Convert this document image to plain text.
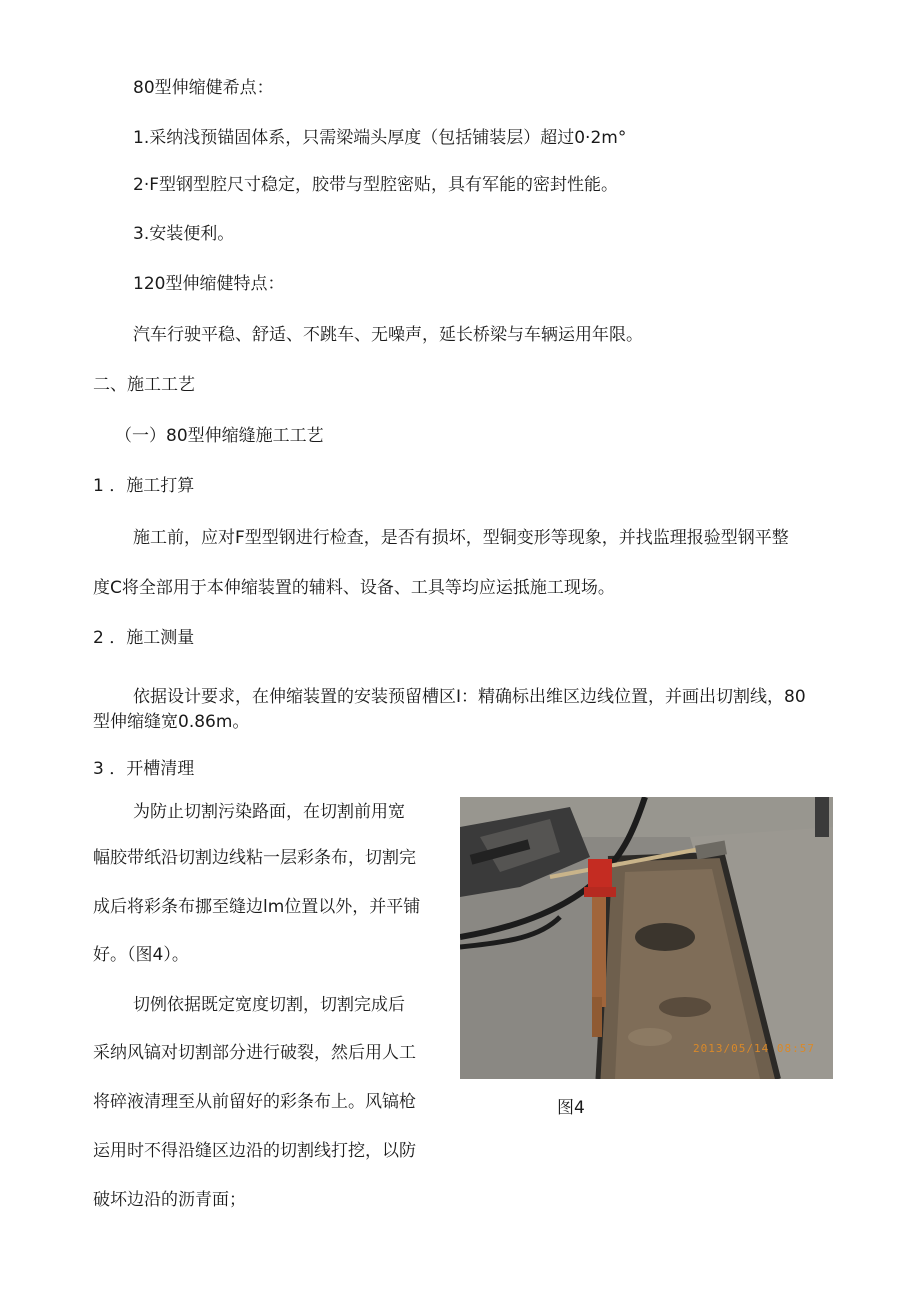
80型伸缩健希点：
1.采纳浅预锚固体系，只需梁端头厚度（包括铺装层）超过0·2m°
2·F型钢型腔尺寸稳定，胶带与型腔密贴，具有军能的密封性能。
3.安装便利。
120型伸缩健特点：
汽车行驶平稳、舒适、不跳车、无噪声，延长桥梁与车辆运用年限。
二、施工工艺
（一）80型伸缩缝施工工艺
1 ．施工打算
施工前，应对F型型钢进行检查，是否有损坏，型铜变形等现象，并找监理报验型钢平整
度C将全部用于本伸缩装置的辅料、设备、工具等均应运抵施工现场。
2 ．施工测量
依据设计要求，在伸缩装置的安装预留槽区I：精确标出维区边线位置，并画出切割线，80
型伸缩缝宽0.86m。
3 ．开槽清理
为防止切割污染路面，在切割前用宽
幅胶带纸沿切割边线粘一层彩条布，切割完
成后将彩条布挪至缝边lm位置以外，并平铺
好。（图4）。
切例依据既定宽度切割，切割完成后
采纳风镐对切割部分进行破裂，然后用人工
将碎液清理至从前留好的彩条布上。风镐枪
运用时不得沿缝区边沿的切割线打挖，以防
破坏边沿的沥青面；
2013/05/14 08:57
图4
